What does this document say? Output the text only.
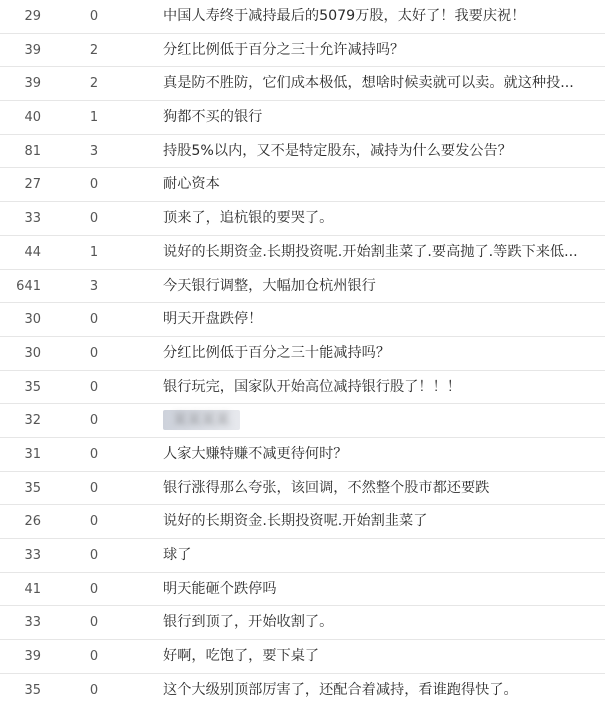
29	0	中国人寿终于减持最后的5079万股，太好了！我要庆祝！
39	2	分红比例低于百分之三十允许减持吗？
39	2	真是防不胜防，它们成本极低，想啥时候卖就可以卖。就这种投...
40	1	狗都不买的银行
81	3	持股5%以内，又不是特定股东，减持为什么要发公告？
27	0	耐心资本
33	0	顶来了，追杭银的要哭了。
44	1	说好的长期资金.长期投资呢.开始割韭菜了.要高抛了.等跌下来低...
641	3	今天银行调整，大幅加仓杭州银行
30	0	明天开盘跌停！
30	0	分红比例低于百分之三十能减持吗？
35	0	银行玩完，国家队开始高位减持银行股了！！！
32	0	某某某某
31	0	人家大赚特赚不减更待何时？
35	0	银行涨得那么夸张，该回调，不然整个股市都还要跌
26	0	说好的长期资金.长期投资呢.开始割韭菜了
33	0	球了
41	0	明天能砸个跌停吗
33	0	银行到顶了，开始收割了。
39	0	好啊，吃饱了，要下桌了
35	0	这个大级别顶部厉害了，还配合着减持，看谁跑得快了。
